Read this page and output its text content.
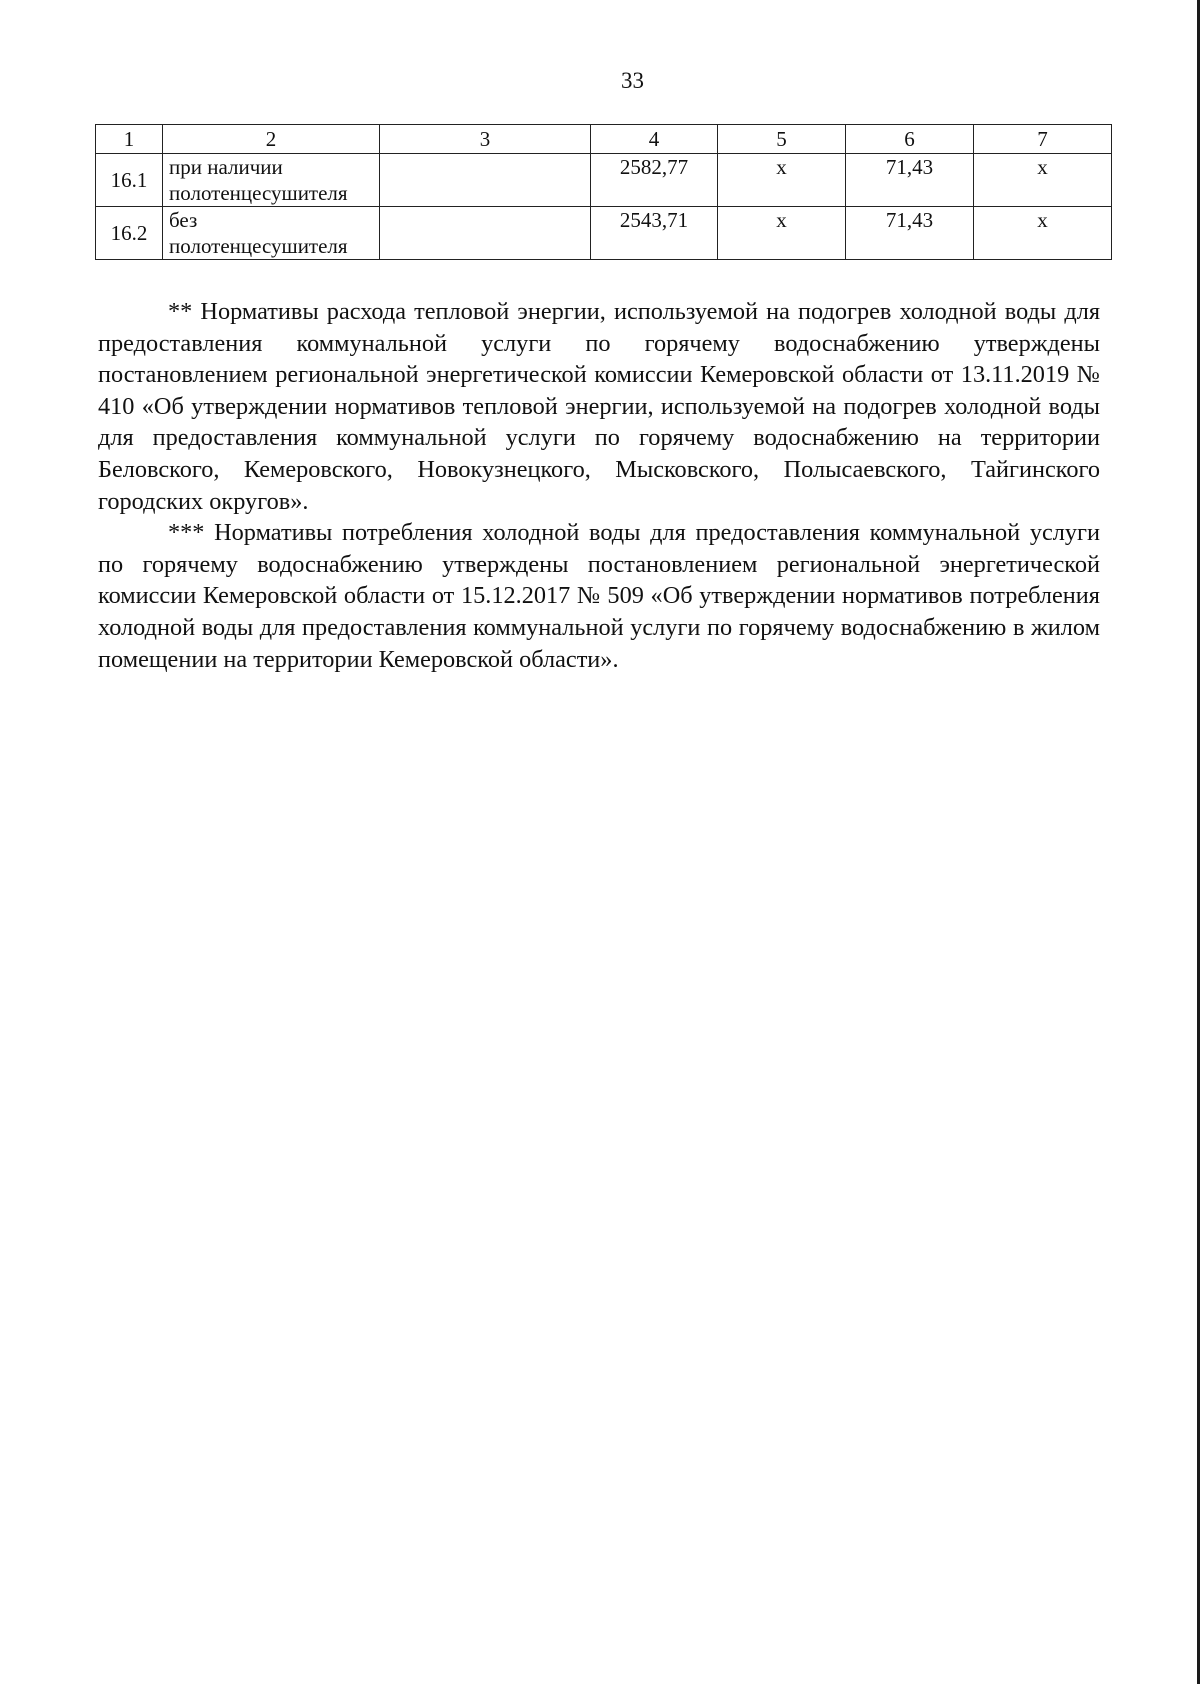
33
1	2	3	4	5	6	7
16.1	при наличии полотенцесушителя		2582,77	x	71,43	x
16.2	без полотенцесушителя		2543,71	x	71,43	x

** Нормативы расхода тепловой энергии, используемой на подогрев холодной воды для предоставления коммунальной услуги по горячему водоснабжению утверждены постановлением региональной энергетической комиссии Кемеровской области от 13.11.2019 № 410 «Об утверждении нормативов тепловой энергии, используемой на подогрев холодной воды для предоставления коммунальной услуги по горячему водоснабжению на территории Беловского, Кемеровского, Новокузнецкого, Мысковского, Полысаевского, Тайгинского городских округов».

*** Нормативы потребления холодной воды для предоставления коммунальной услуги по горячему водоснабжению утверждены постановлением региональной энергетической комиссии Кемеровской области от 15.12.2017 № 509 «Об утверждении нормативов потребления холодной воды для предоставления коммунальной услуги по горячему водоснабжению в жилом помещении на территории Кемеровской области».
